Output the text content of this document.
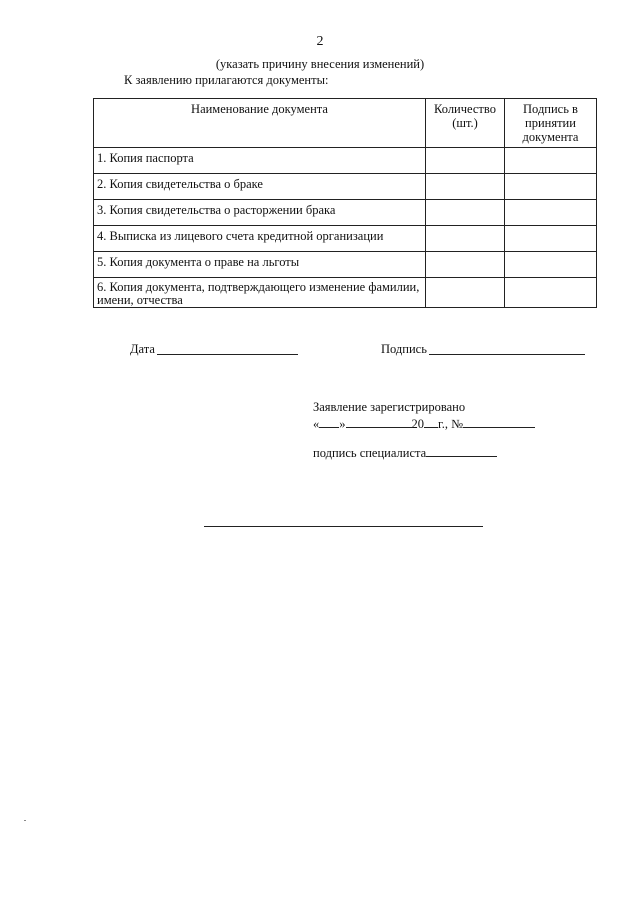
2
(указать причину внесения изменений)
К заявлению прилагаются документы:
Наименование документа	Количество (шт.)	Подпись в принятии документа
1. Копия паспорта		
2. Копия свидетельства о браке		
3. Копия свидетельства о расторжении брака		
4. Выписка из лицевого счета кредитной организации		
5. Копия документа о праве на льготы		
6. Копия документа, подтверждающего изменение фамилии, имени, отчества		
Дата	Подпись
Заявление зарегистрировано
« »	20 г., №
подпись специалиста
